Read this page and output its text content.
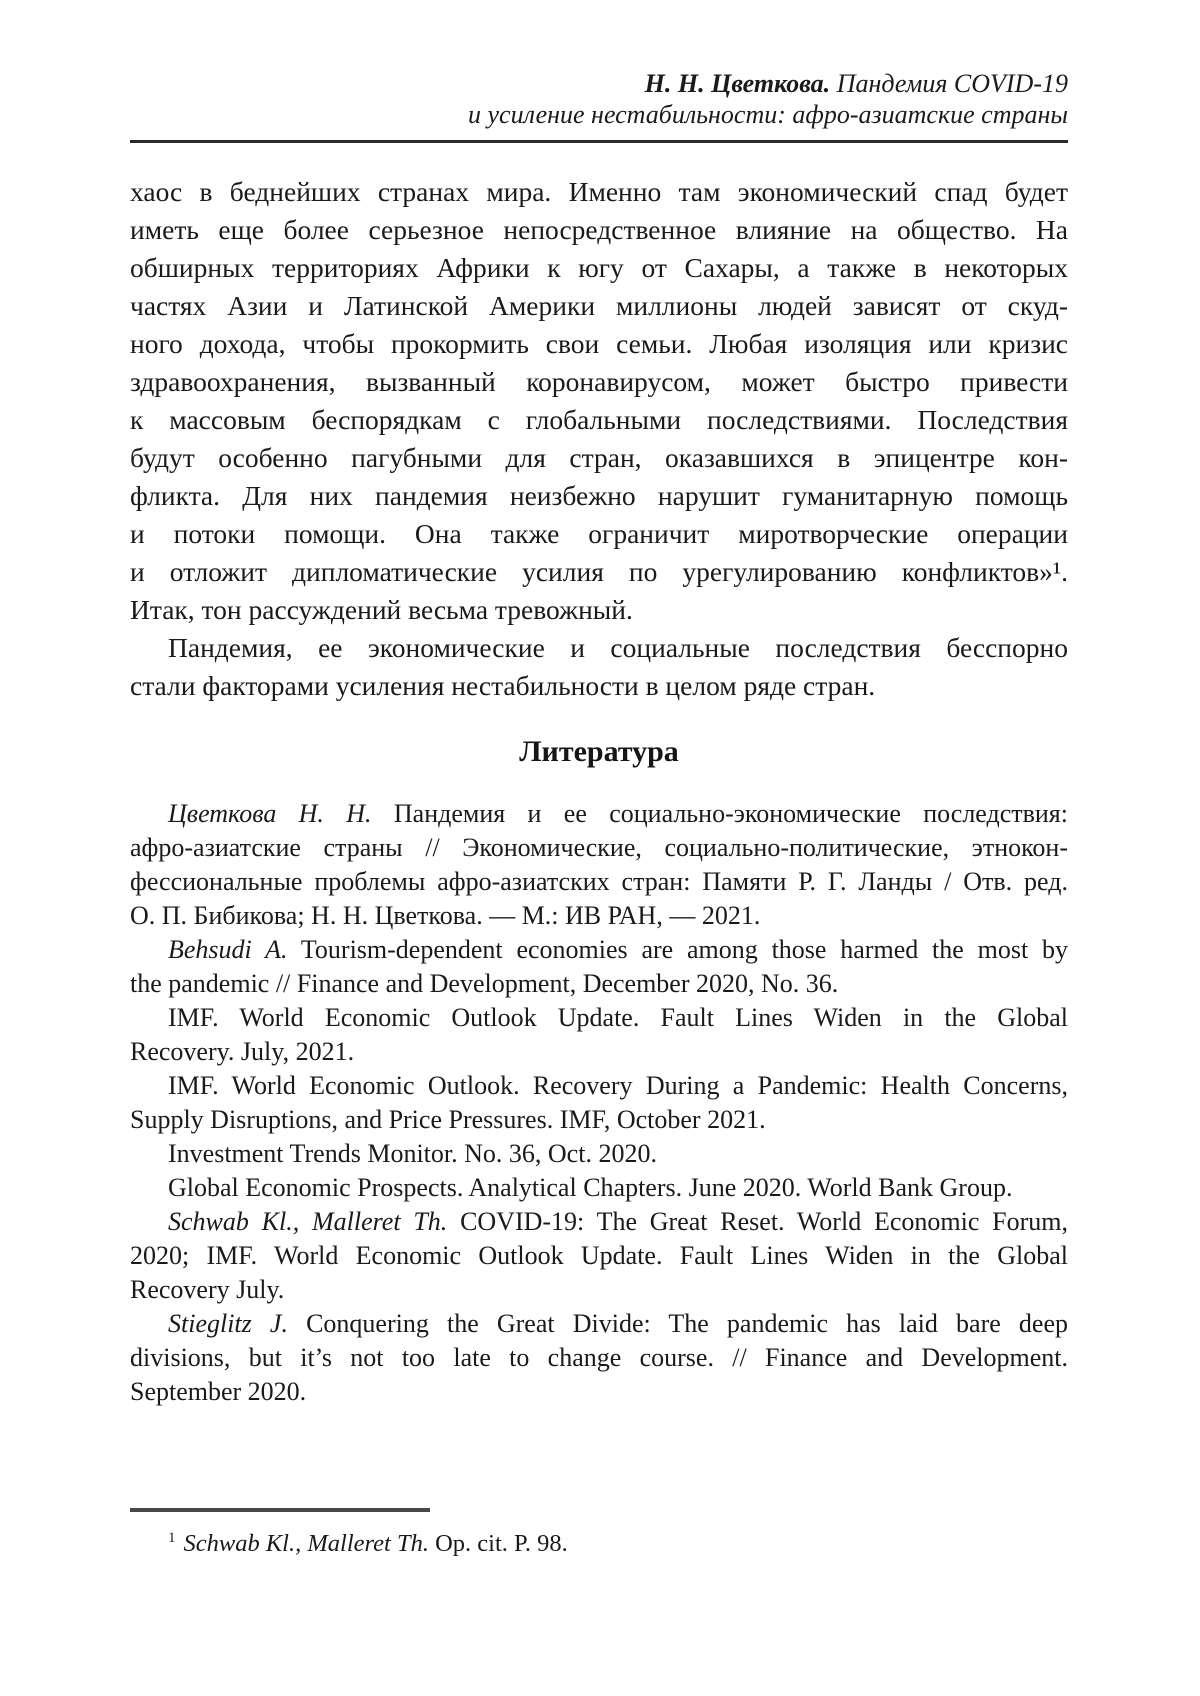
Н. Н. Цветкова. Пандемия COVID-19
и усиление нестабильности: афро-азиатские страны
хаос в беднейших странах мира. Именно там экономический спад будет
иметь еще более серьезное непосредственное влияние на общество. На
обширных территориях Африки к югу от Сахары, а также в некоторых
частях Азии и Латинской Америки миллионы людей зависят от скуд-
ного дохода, чтобы прокормить свои семьи. Любая изоляция или кризис
здравоохранения, вызванный коронавирусом, может быстро привести
к массовым беспорядкам с глобальными последствиями. Последствия
будут особенно пагубными для стран, оказавшихся в эпицентре кон-
фликта. Для них пандемия неизбежно нарушит гуманитарную помощь
и потоки помощи. Она также ограничит миротворческие операции
и отложит дипломатические усилия по урегулированию конфликтов»¹.
Итак, тон рассуждений весьма тревожный.
Пандемия, ее экономические и социальные последствия бесспорно
стали факторами усиления нестабильности в целом ряде стран.
Литература
Цветкова Н. Н. Пандемия и ее социально-экономические последствия:
афро-азиатские страны // Экономические, социально-политические, этнокон-
фессиональные проблемы афро-азиатских стран: Памяти Р. Г. Ланды / Отв. ред.
О. П. Бибикова; Н. Н. Цветкова. — М.: ИВ РАН, — 2021.
Behsudi A. Tourism-dependent economies are among those harmed the most by
the pandemic // Finance and Development, December 2020, No. 36.
IMF. World Economic Outlook Update. Fault Lines Widen in the Global
Recovery. July, 2021.
IMF. World Economic Outlook. Recovery During a Pandemic: Health Concerns,
Supply Disruptions, and Price Pressures. IMF, October 2021.
Investment Trends Monitor. No. 36, Oct. 2020.
Global Economic Prospects. Analytical Chapters. June 2020. World Bank Group.
Schwab Kl., Malleret Th. COVID-19: The Great Reset. World Economic Forum,
2020; IMF. World Economic Outlook Update. Fault Lines Widen in the Global
Recovery July.
Stieglitz J. Conquering the Great Divide: The pandemic has laid bare deep
divisions, but it’s not too late to change course. // Finance and Development.
September 2020.
$^1$ Schwab Kl., Malleret Th. Op. cit. P. 98.
